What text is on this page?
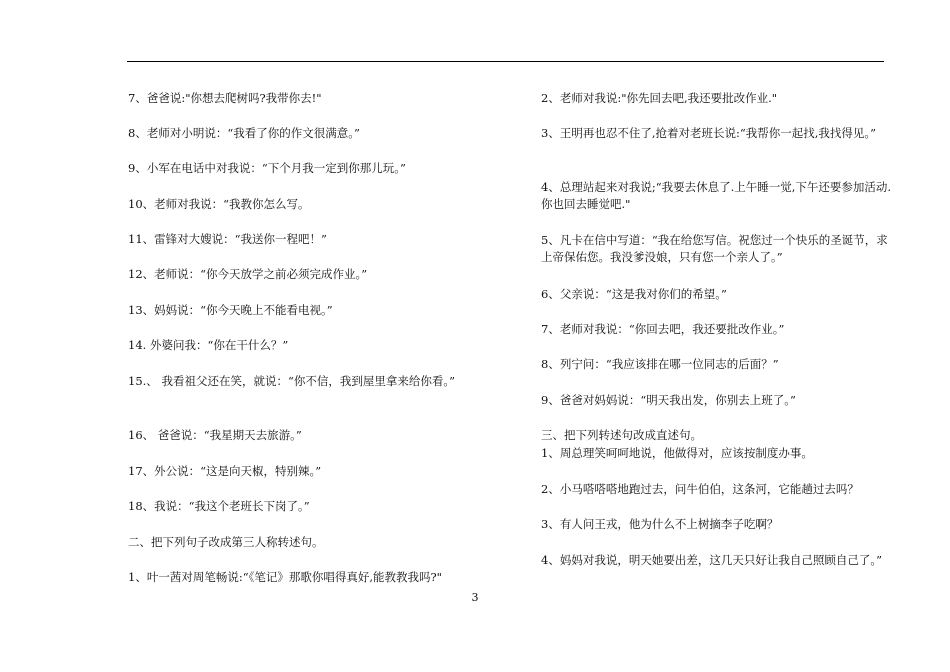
7、爸爸说:"你想去爬树吗?我带你去!"
8、老师对小明说：“我看了你的作文很满意。”
9、小军在电话中对我说：“下个月我一定到你那儿玩。”
10、老师对我说：“我教你怎么写。
11、雷锋对大嫂说：“我送你一程吧！”
12、老师说：“你今天放学之前必须完成作业。”
13、妈妈说：“你今天晚上不能看电视。”
14. 外婆问我：“你在干什么？”
15.、 我看祖父还在笑，就说：“你不信，我到屋里拿来给你看。”
16、 爸爸说：“我星期天去旅游。”
17、外公说：“这是向天椒，特别辣。”
18、我说：“我这个老班长下岗了。”
二、把下列句子改成第三人称转述句。
1、叶一茜对周笔畅说:“《笔记》那歌你唱得真好,能教教我吗?"
2、老师对我说:"你先回去吧,我还要批改作业."
3、王明再也忍不住了,抢着对老班长说:“我帮你一起找,我找得见。”
4、总理站起来对我说;“我要去休息了.上午睡一觉,下午还要参加活动.你也回去睡觉吧."
5、凡卡在信中写道：“我在给您写信。祝您过一个快乐的圣诞节，求上帝保佑您。我没爹没娘，只有您一个亲人了。”
6、父亲说：“这是我对你们的希望。”
7、老师对我说：“你回去吧，我还要批改作业。”
8、列宁问：“我应该排在哪一位同志的后面？”
9、爸爸对妈妈说：“明天我出发，你别去上班了。”
三、把下列转述句改成直述句。
1、周总理笑呵呵地说，他做得对，应该按制度办事。
2、小马嗒嗒嗒地跑过去，问牛伯伯，这条河，它能趟过去吗？
3、有人问王戎，他为什么不上树摘李子吃啊？
4、妈妈对我说，明天她要出差，这几天只好让我自己照顾自己了。”
3
